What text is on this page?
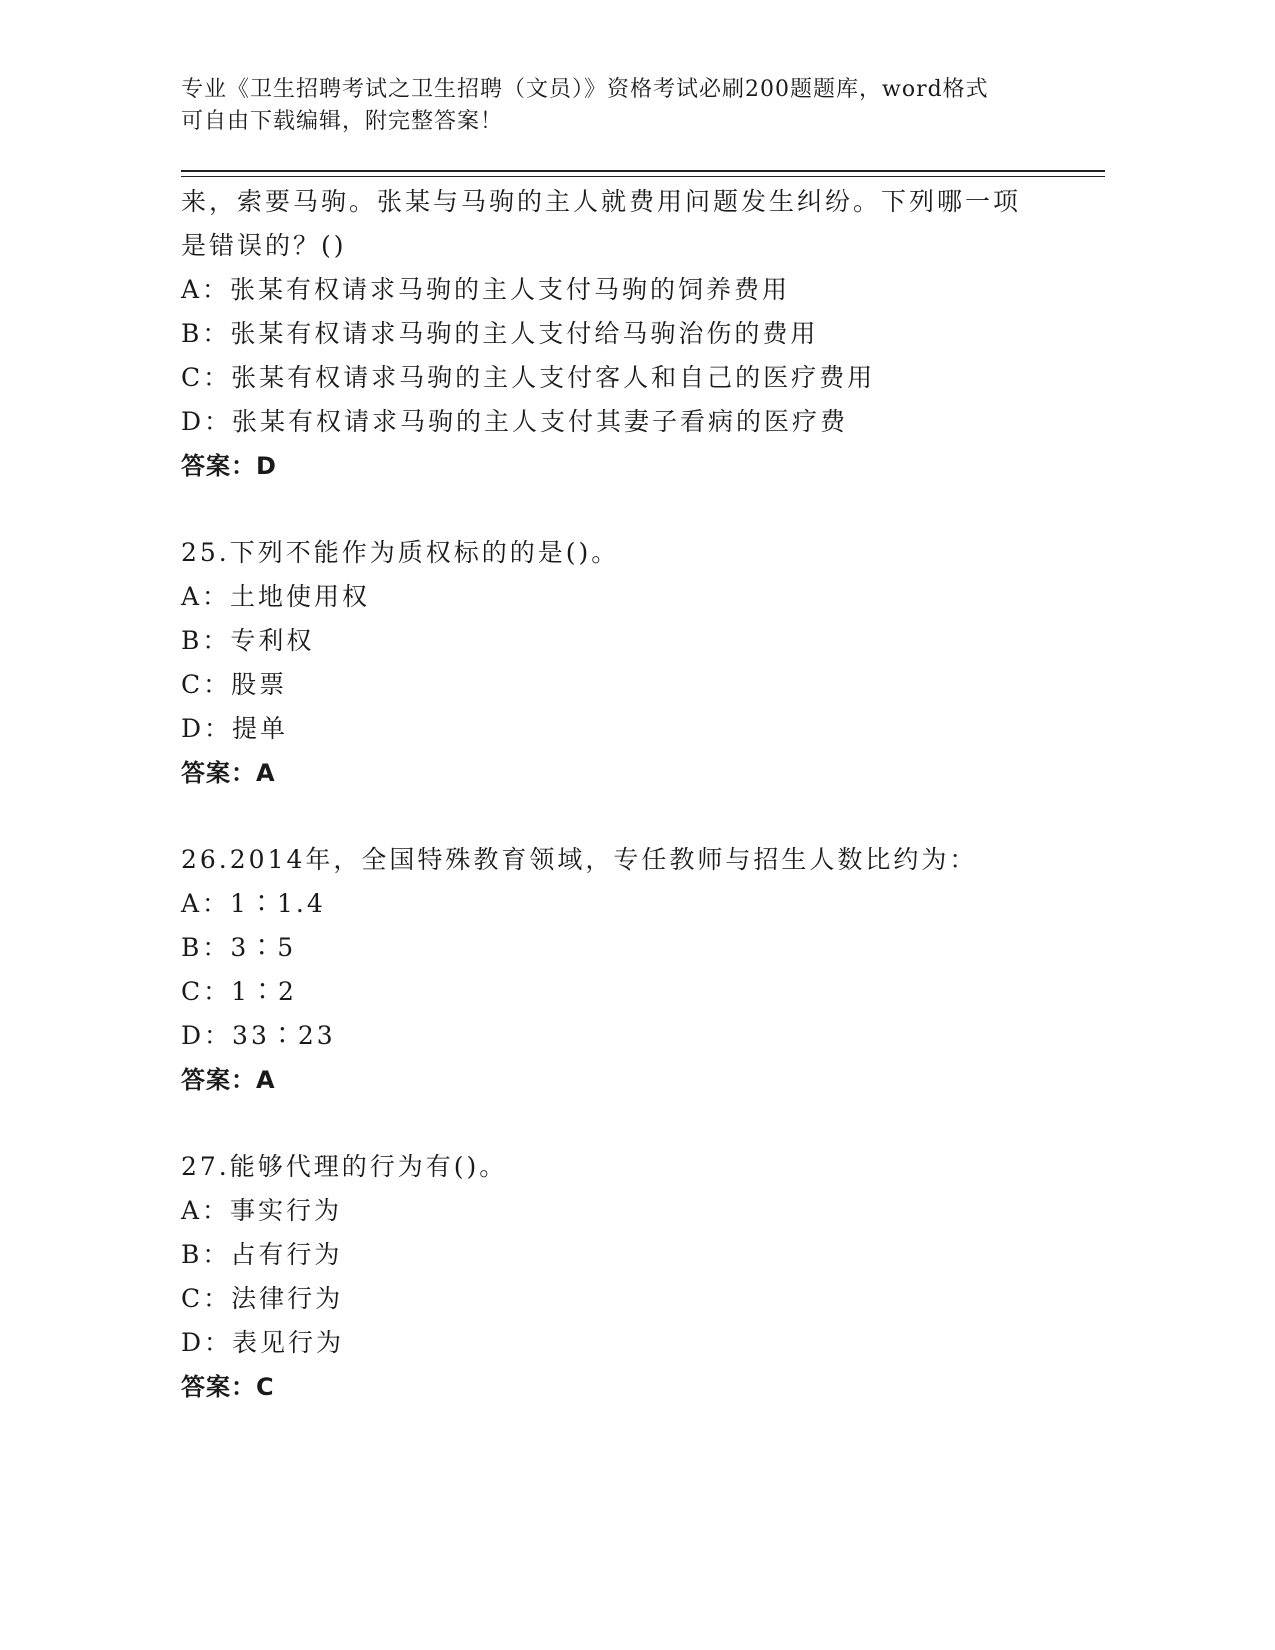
专业《卫生招聘考试之卫生招聘（文员）》资格考试必刷200题题库，word格式
可自由下载编辑，附完整答案！
来，索要马驹。张某与马驹的主人就费用问题发生纠纷。下列哪一项
是错误的？()
A：张某有权请求马驹的主人支付马驹的饲养费用
B：张某有权请求马驹的主人支付给马驹治伤的费用
C：张某有权请求马驹的主人支付客人和自己的医疗费用
D：张某有权请求马驹的主人支付其妻子看病的医疗费
答案：D
25.下列不能作为质权标的的是()。
A：土地使用权
B：专利权
C：股票
D：提单
答案：A
26.2014年，全国特殊教育领域，专任教师与招生人数比约为：
A：1∶1.4
B：3∶5
C：1∶2
D：33∶23
答案：A
27.能够代理的行为有()。
A：事实行为
B：占有行为
C：法律行为
D：表见行为
答案：C
